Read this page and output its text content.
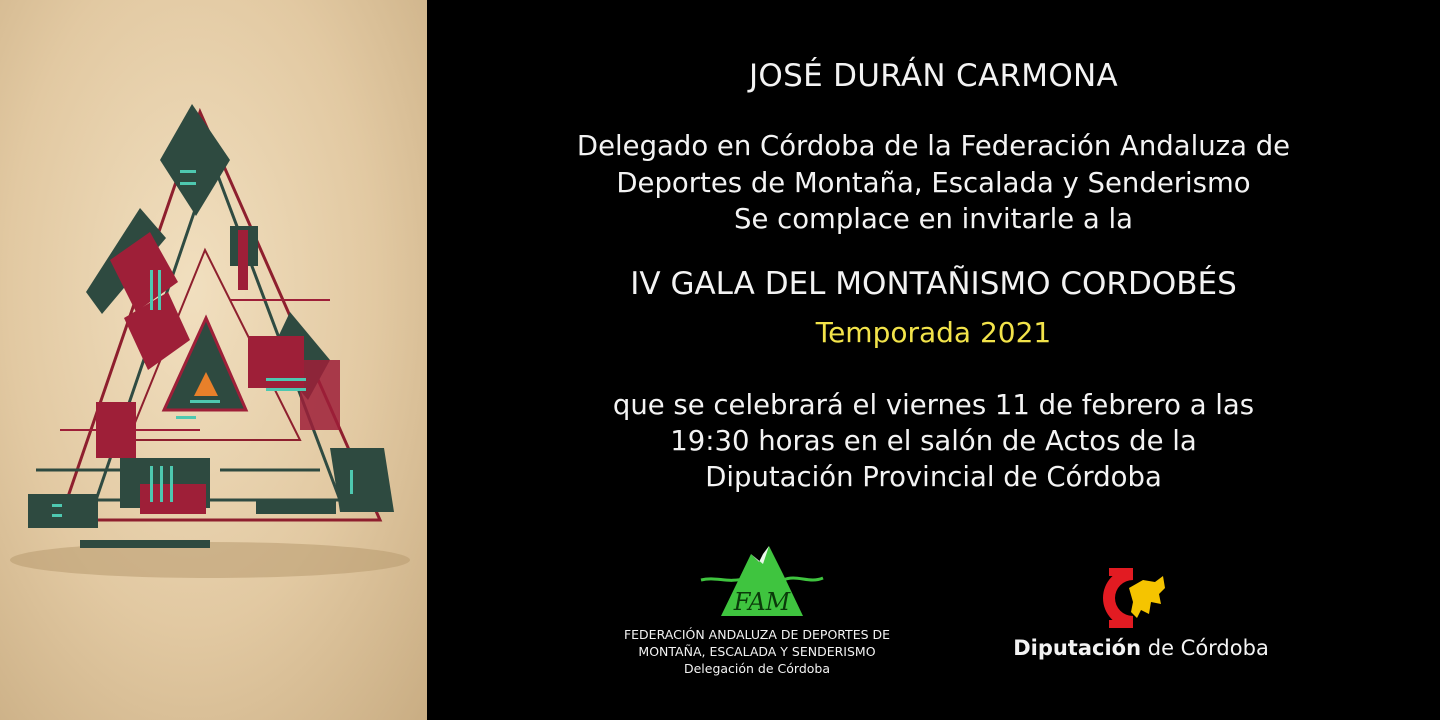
JOSÉ DURÁN CARMONA
Delegado en Córdoba de la Federación Andaluza de
Deportes de Montaña, Escalada y Senderismo
Se complace en invitarle a la
IV GALA DEL MONTAÑISMO CORDOBÉS
Temporada 2021
que se celebrará el viernes 11 de febrero a las
19:30 horas en el salón de Actos de la
Diputación Provincial de Córdoba
FAM
FEDERACIÓN ANDALUZA DE DEPORTES DE
MONTAÑA, ESCALADA Y SENDERISMO
Delegación de Córdoba
Diputación de Córdoba
